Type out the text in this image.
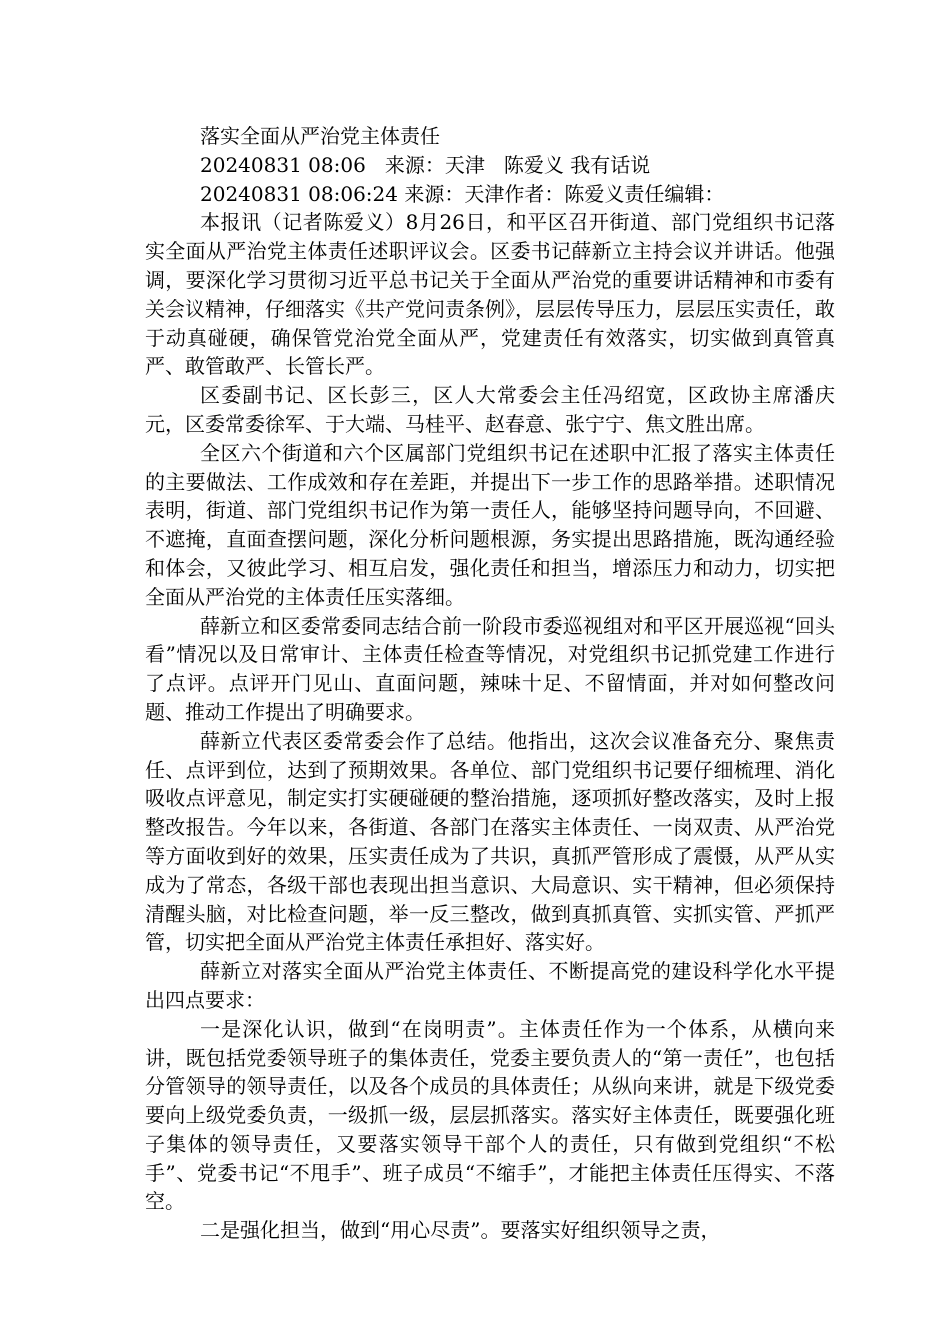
落实全面从严治党主体责任

20240831 08:06   来源：天津   陈爱义 我有话说

20240831 08:06:24 来源：天津作者：陈爱义责任编辑：

本报讯（记者陈爱义）8月26日，和平区召开街道、部门党组织书记落实全面从严治党主体责任述职评议会。区委书记薛新立主持会议并讲话。他强调，要深化学习贯彻习近平总书记关于全面从严治党的重要讲话精神和市委有关会议精神，仔细落实《共产党问责条例》，层层传导压力，层层压实责任，敢于动真碰硬，确保管党治党全面从严，党建责任有效落实，切实做到真管真严、敢管敢严、长管长严。

区委副书记、区长彭三，区人大常委会主任冯绍宽，区政协主席潘庆元，区委常委徐军、于大端、马桂平、赵春意、张宁宁、焦文胜出席。

全区六个街道和六个区属部门党组织书记在述职中汇报了落实主体责任的主要做法、工作成效和存在差距，并提出下一步工作的思路举措。述职情况表明，街道、部门党组织书记作为第一责任人，能够坚持问题导向，不回避、不遮掩，直面查摆问题，深化分析问题根源，务实提出思路措施，既沟通经验和体会，又彼此学习、相互启发，强化责任和担当，增添压力和动力，切实把全面从严治党的主体责任压实落细。

薛新立和区委常委同志结合前一阶段市委巡视组对和平区开展巡视“回头看”情况以及日常审计、主体责任检查等情况，对党组织书记抓党建工作进行了点评。点评开门见山、直面问题，辣味十足、不留情面，并对如何整改问题、推动工作提出了明确要求。

薛新立代表区委常委会作了总结。他指出，这次会议准备充分、聚焦责任、点评到位，达到了预期效果。各单位、部门党组织书记要仔细梳理、消化吸收点评意见，制定实打实硬碰硬的整治措施，逐项抓好整改落实，及时上报整改报告。今年以来，各街道、各部门在落实主体责任、一岗双责、从严治党等方面收到好的效果，压实责任成为了共识，真抓严管形成了震慑，从严从实成为了常态，各级干部也表现出担当意识、大局意识、实干精神，但必须保持清醒头脑，对比检查问题，举一反三整改，做到真抓真管、实抓实管、严抓严管，切实把全面从严治党主体责任承担好、落实好。

薛新立对落实全面从严治党主体责任、不断提高党的建设科学化水平提出四点要求：

一是深化认识，做到“在岗明责”。主体责任作为一个体系，从横向来讲，既包括党委领导班子的集体责任，党委主要负责人的“第一责任”，也包括分管领导的领导责任，以及各个成员的具体责任；从纵向来讲，就是下级党委要向上级党委负责，一级抓一级，层层抓落实。落实好主体责任，既要强化班子集体的领导责任，又要落实领导干部个人的责任，只有做到党组织“不松手”、党委书记“不甩手”、班子成员“不缩手”，才能把主体责任压得实、不落空。

二是强化担当，做到“用心尽责”。要落实好组织领导之责，
